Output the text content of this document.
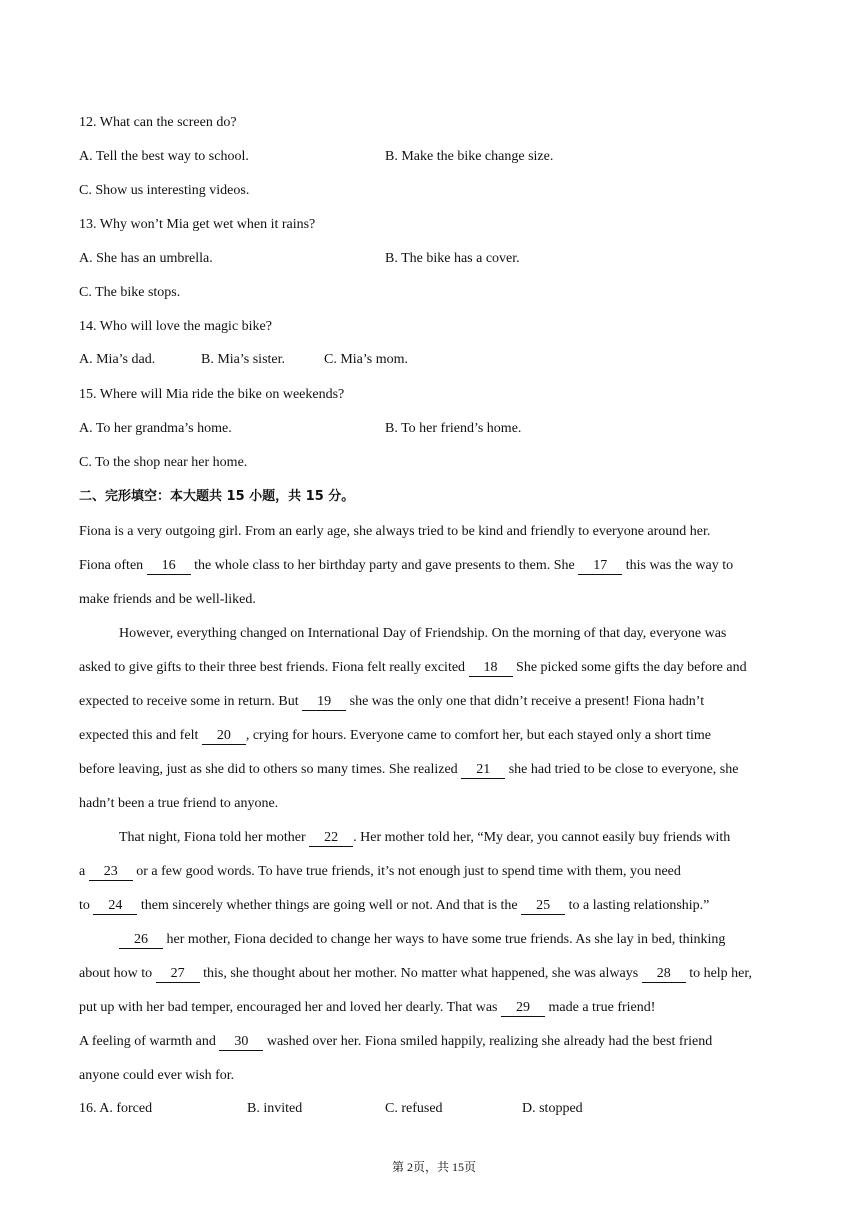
12. What can the screen do?
A. Tell the best way to school.	B. Make the bike change size.
C. Show us interesting videos.
13. Why won’t Mia get wet when it rains?
A. She has an umbrella.	B. The bike has a cover.
C. The bike stops.
14. Who will love the magic bike?
A. Mia’s dad.	B. Mia’s sister.	C. Mia’s mom.
15. Where will Mia ride the bike on weekends?
A. To her grandma’s home.	B. To her friend’s home.
C. To the shop near her home.
二、完形填空：本大题共 15 小题，共 15 分。
Fiona is a very outgoing girl. From an early age, she always tried to be kind and friendly to everyone around her.
Fiona often 16 the whole class to her birthday party and gave presents to them. She 17 this was the way to
make friends and be well-liked.
However, everything changed on International Day of Friendship. On the morning of that day, everyone was
asked to give gifts to their three best friends. Fiona felt really excited 18 She picked some gifts the day before and
expected to receive some in return. But 19 she was the only one that didn’t receive a present! Fiona hadn’t
expected this and felt 20 , crying for hours. Everyone came to comfort her, but each stayed only a short time
before leaving, just as she did to others so many times. She realized 21 she had tried to be close to everyone, she
hadn’t been a true friend to anyone.
That night, Fiona told her mother 22 . Her mother told her, “My dear, you cannot easily buy friends with
a 23 or a few good words. To have true friends, it’s not enough just to spend time with them, you need
to 24 them sincerely whether things are going well or not. And that is the 25 to a lasting relationship.”
26 her mother, Fiona decided to change her ways to have some true friends. As she lay in bed, thinking
about how to 27 this, she thought about her mother. No matter what happened, she was always 28 to help her,
put up with her bad temper, encouraged her and loved her dearly. That was 29 made a true friend!
A feeling of warmth and 30 washed over her. Fiona smiled happily, realizing she already had the best friend
anyone could ever wish for.
16. A. forced	B. invited	C. refused	D. stopped
第 2页，共 15页
